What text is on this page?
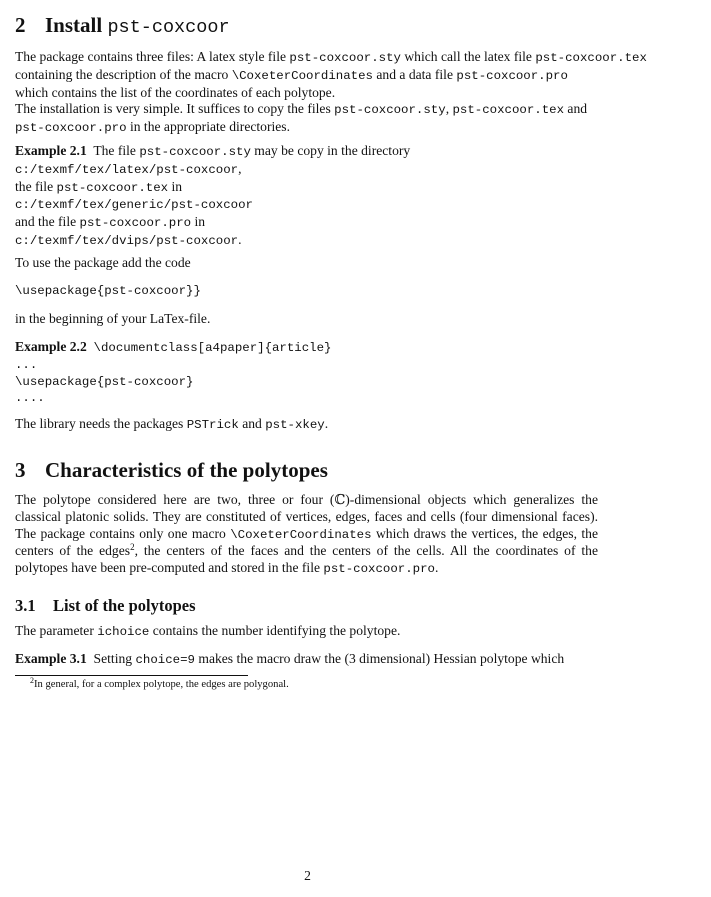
2 Install pst-coxcoor
The package contains three files: A latex style file pst-coxcoor.sty which call the latex file pst-coxcoor.tex
containing the description of the macro \CoxeterCoordinates and a data file pst-coxcoor.pro
which contains the list of the coordinates of each polytope.
The installation is very simple. It suffices to copy the files pst-coxcoor.sty, pst-coxcoor.tex and
pst-coxcoor.pro in the appropriate directories.
Example 2.1 The file pst-coxcoor.sty may be copy in the directory
c:/texmf/tex/latex/pst-coxcoor,
the file pst-coxcoor.tex in
c:/texmf/tex/generic/pst-coxcoor
and the file pst-coxcoor.pro in
c:/texmf/tex/dvips/pst-coxcoor.

To use the package add the code

\usepackage{pst-coxcoor}}

in the beginning of your LaTex-file.

Example 2.2 \documentclass[a4paper]{article}
...
\usepackage{pst-coxcoor}
....

The library needs the packages PSTrick and pst-xkey.

3 Characteristics of the polytopes

The polytope considered here are two, three or four (ℂ)-dimensional objects which generalizes the classical platonic solids. They are constituted of vertices, edges, faces and cells (four dimensional faces). The package contains only one macro \CoxeterCoordinates which draws the vertices, the edges, the centers of the edges$^2$, the centers of the faces and the centers of the cells. All the coordinates of the polytopes have been pre-computed and stored in the file pst-coxcoor.pro.

3.1 List of the polytopes

The parameter ichoice contains the number identifying the polytope.

Example 3.1 Setting choice=9 makes the macro draw the (3 dimensional) Hessian polytope which

$^2$In general, for a complex polytope, the edges are polygonal.
2
